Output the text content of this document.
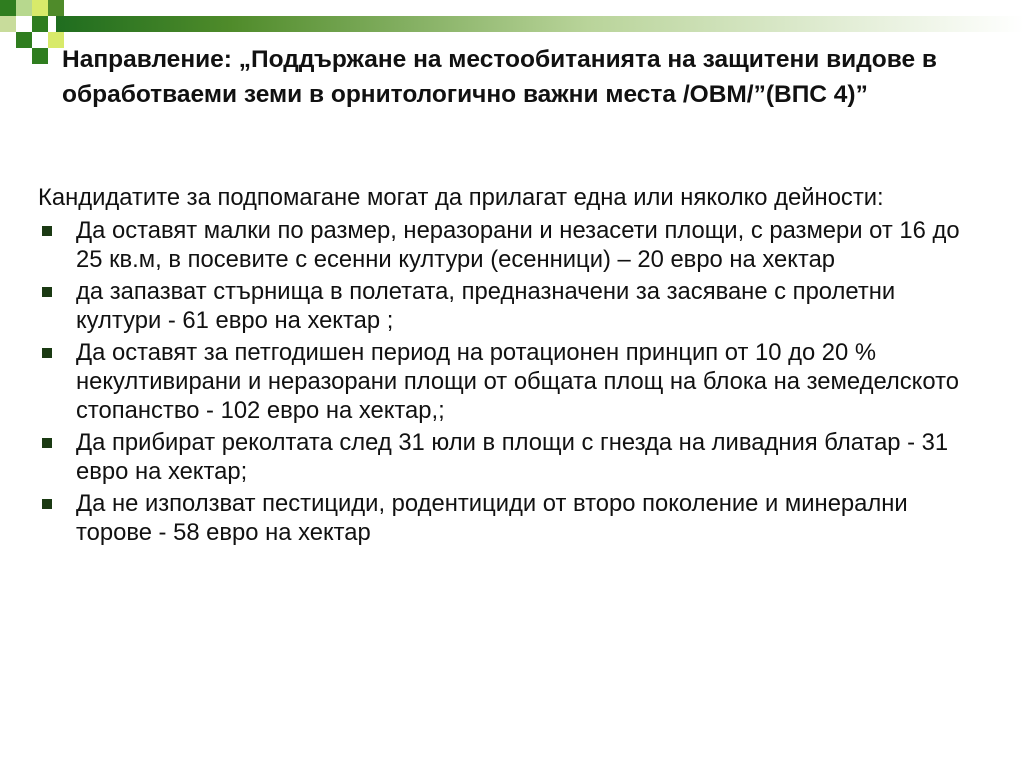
Направление: „Поддържане на местообитанията на защитени видове в обработваеми земи в орнитологично важни места /ОВМ/”(ВПС 4)”
Кандидатите за подпомагане могат да прилагат една или няколко дейности:
Да оставят малки по размер, неразорани и незасети площи, с размери от 16 до 25 кв.м, в посевите с есенни култури (есенници) – 20 евро на хектар
да запазват стърнища в полетата, предназначени за засяване с пролетни култури - 61 евро на хектар ;
Да оставят за петгодишен период на ротационен принцип от 10 до 20 % некултивирани и неразорани площи от общата площ на блока на земеделското стопанство - 102 евро на хектар,;
Да прибират реколтата след 31 юли в площи с гнезда на ливадния блатар - 31 евро на хектар;
Да не използват пестициди, родентициди от второ поколение и минерални торове - 58 евро на хектар
